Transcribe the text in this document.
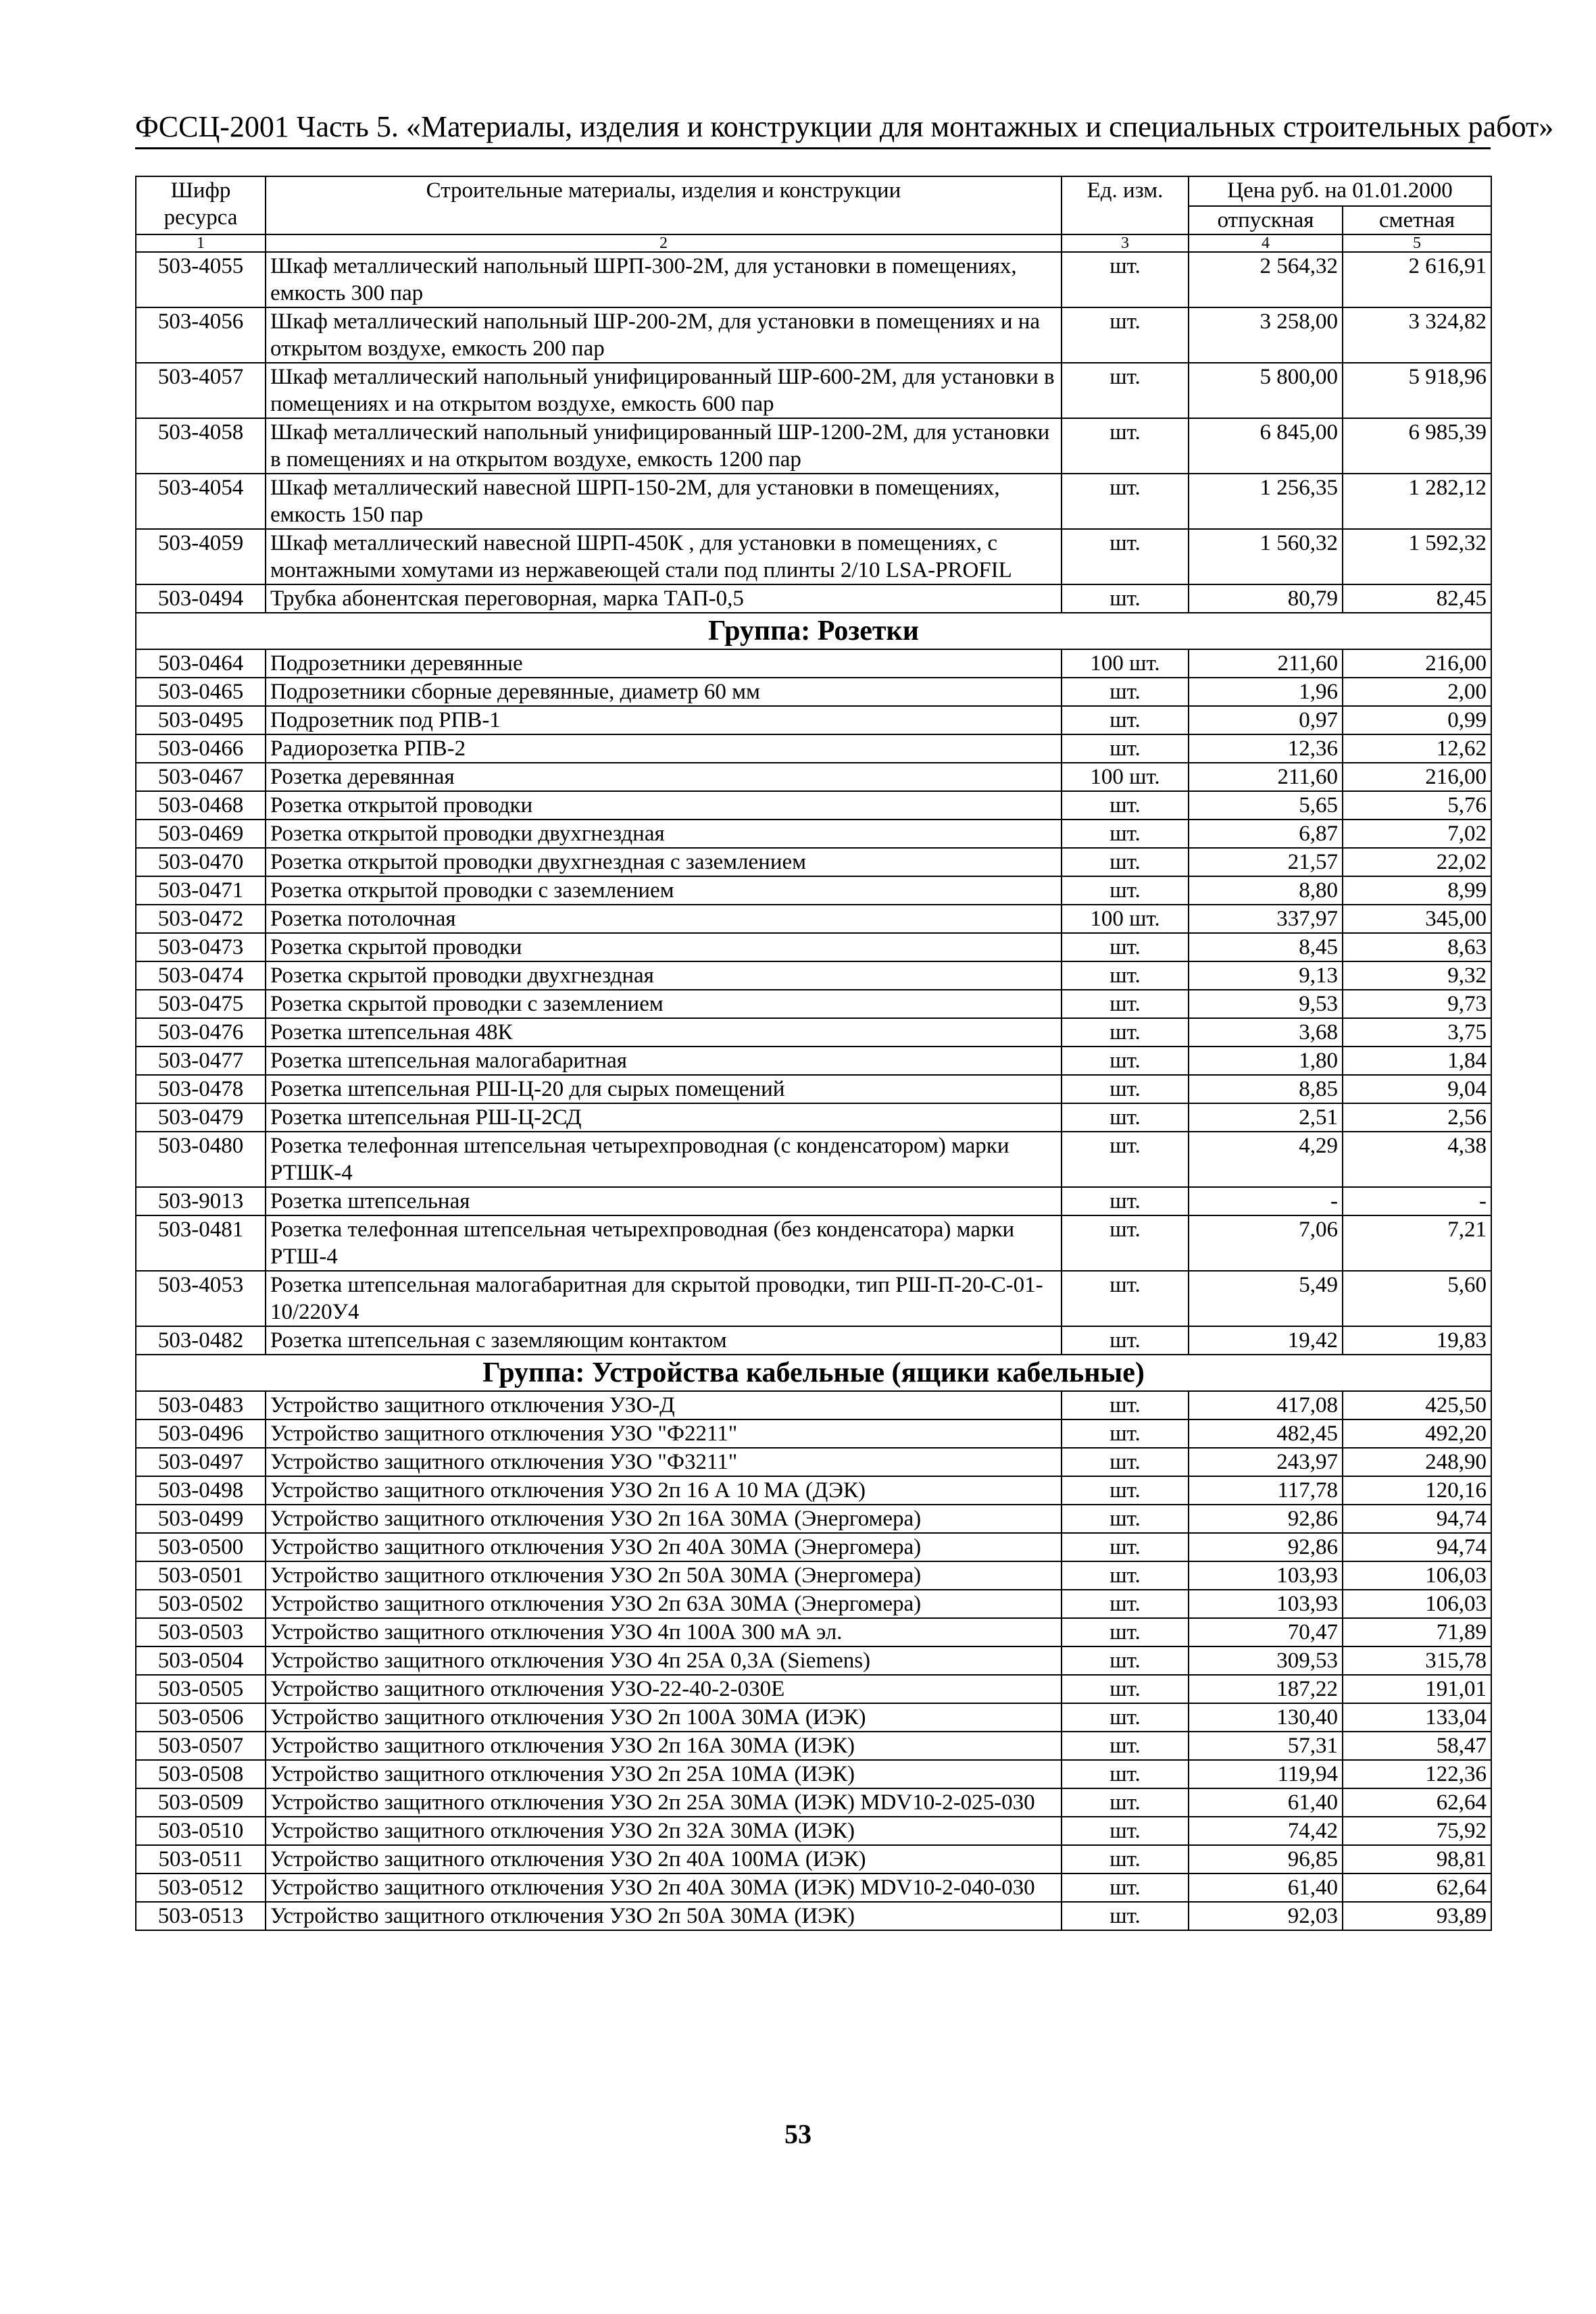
ФССЦ-2001 Часть 5. «Материалы, изделия и конструкции для монтажных и специальных строительных работ»
Шифр ресурса	Строительные материалы, изделия и конструкции	Ед. изм.	Цена руб. на 01.01.2000	
			отпускная	сметная
1	2	3	4	5
503-4055	Шкаф металлический напольный ШРП-300-2М, для установки в помещениях, емкость 300 пар	шт.	2 564,32	2 616,91
503-4056	Шкаф металлический напольный ШР-200-2М, для установки в помещениях и на открытом воздухе, емкость 200 пар	шт.	3 258,00	3 324,82
503-4057	Шкаф металлический напольный унифицированный ШР-600-2М, для установки в помещениях и на открытом воздухе, емкость 600 пар	шт.	5 800,00	5 918,96
503-4058	Шкаф металлический напольный унифицированный ШР-1200-2М, для установки в помещениях и на открытом воздухе, емкость 1200 пар	шт.	6 845,00	6 985,39
503-4054	Шкаф металлический навесной ШРП-150-2М, для установки в помещениях, емкость 150 пар	шт.	1 256,35	1 282,12
503-4059	Шкаф металлический навесной ШРП-450К , для установки в помещениях, с монтажными хомутами из нержавеющей стали под плинты 2/10 LSA-PROFIL	шт.	1 560,32	1 592,32
503-0494	Трубка абонентская переговорная, марка ТАП-0,5	шт.	80,79	82,45
Группа: Розетки				
503-0464	Подрозетники деревянные	100 шт.	211,60	216,00
503-0465	Подрозетники сборные деревянные, диаметр 60 мм	шт.	1,96	2,00
503-0495	Подрозетник под РПВ-1	шт.	0,97	0,99
503-0466	Радиорозетка РПВ-2	шт.	12,36	12,62
503-0467	Розетка деревянная	100 шт.	211,60	216,00
503-0468	Розетка открытой проводки	шт.	5,65	5,76
503-0469	Розетка открытой проводки двухгнездная	шт.	6,87	7,02
503-0470	Розетка открытой проводки двухгнездная с заземлением	шт.	21,57	22,02
503-0471	Розетка открытой проводки с заземлением	шт.	8,80	8,99
503-0472	Розетка потолочная	100 шт.	337,97	345,00
503-0473	Розетка скрытой проводки	шт.	8,45	8,63
503-0474	Розетка скрытой проводки двухгнездная	шт.	9,13	9,32
503-0475	Розетка скрытой проводки с заземлением	шт.	9,53	9,73
503-0476	Розетка штепсельная 48К	шт.	3,68	3,75
503-0477	Розетка штепсельная малогабаритная	шт.	1,80	1,84
503-0478	Розетка штепсельная РШ-Ц-20 для сырых помещений	шт.	8,85	9,04
503-0479	Розетка штепсельная РШ-Ц-2СД	шт.	2,51	2,56
503-0480	Розетка телефонная штепсельная четырехпроводная (с конденсатором) марки РТШК-4	шт.	4,29	4,38
503-9013	Розетка штепсельная	шт.	-	-
503-0481	Розетка телефонная штепсельная четырехпроводная (без конденсатора) марки РТШ-4	шт.	7,06	7,21
503-4053	Розетка штепсельная малогабаритная для скрытой проводки, тип РШ-П-20-С-01-10/220У4	шт.	5,49	5,60
503-0482	Розетка штепсельная с заземляющим контактом	шт.	19,42	19,83
Группа: Устройства кабельные (ящики кабельные)				
503-0483	Устройство защитного отключения УЗО-Д	шт.	417,08	425,50
503-0496	Устройство защитного отключения УЗО "Ф2211"	шт.	482,45	492,20
503-0497	Устройство защитного отключения УЗО "Ф3211"	шт.	243,97	248,90
503-0498	Устройство защитного отключения УЗО 2п 16 А 10 МА (ДЭК)	шт.	117,78	120,16
503-0499	Устройство защитного отключения УЗО 2п 16А 30МА (Энергомера)	шт.	92,86	94,74
503-0500	Устройство защитного отключения УЗО 2п 40А 30МА (Энергомера)	шт.	92,86	94,74
503-0501	Устройство защитного отключения УЗО 2п 50А 30МА (Энергомера)	шт.	103,93	106,03
503-0502	Устройство защитного отключения УЗО 2п 63А 30МА (Энергомера)	шт.	103,93	106,03
503-0503	Устройство защитного отключения УЗО 4п 100А 300 мА эл.	шт.	70,47	71,89
503-0504	Устройство защитного отключения УЗО 4п 25А 0,3А (Siemens)	шт.	309,53	315,78
503-0505	Устройство защитного отключения УЗО-22-40-2-030Е	шт.	187,22	191,01
503-0506	Устройство защитного отключения УЗО 2п 100А 30МА (ИЭК)	шт.	130,40	133,04
503-0507	Устройство защитного отключения УЗО 2п 16А 30МА (ИЭК)	шт.	57,31	58,47
503-0508	Устройство защитного отключения УЗО 2п 25А 10МА (ИЭК)	шт.	119,94	122,36
503-0509	Устройство защитного отключения УЗО 2п 25А 30МА (ИЭК) MDV10-2-025-030	шт.	61,40	62,64
503-0510	Устройство защитного отключения УЗО 2п 32А 30МА (ИЭК)	шт.	74,42	75,92
503-0511	Устройство защитного отключения УЗО 2п 40А 100МА (ИЭК)	шт.	96,85	98,81
503-0512	Устройство защитного отключения УЗО 2п 40А 30МА (ИЭК) MDV10-2-040-030	шт.	61,40	62,64
503-0513	Устройство защитного отключения УЗО 2п 50А 30МА (ИЭК)	шт.	92,03	93,89
53
